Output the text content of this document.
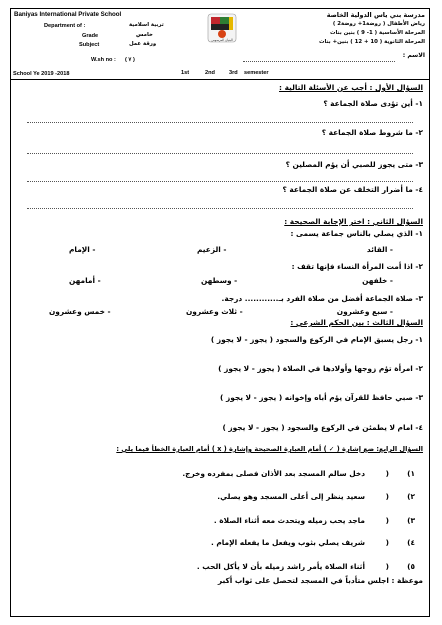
Baniyas International Private School
Department of :	تربية اسلامية
Grade	خامس
Subject	ورقة عمل
W.sh no : ( ٧ )
البنيان المرصوص
مدرسة بني ياس الدولية الخاصة
رياض الأطفال ( روضة1+ روضة2 )
المرحلة الأساسية ( 1- 9 ) بنين بنات
المرحلة الثانوية ( 10 + 12 ) بنين+ بنات
الاسم :
School Ye 2019 -2018	1st	2nd	3rd semester
السؤال الأول : أجب عن الأسئلة التالية :
١- أين تؤدى صلاة الجماعة ؟
٢- ما شروط صلاة الجماعة ؟
٣- متى يجوز للصبي أن يؤم المصلين ؟
٤- ما أضرار التخلف عن صلاة الجماعة ؟
السؤال الثاني : اختر الإجابة الصحيحة :
١- الذي يصلي بالناس جماعة يسمى :
- القائد
- الزعيم
- الإمام
٢- اذا أمت المرأة النساء فإنها تقف :
- خلفهن
- وسطهن
- أمامهن
٣- صلاة الجماعة أفضل من صلاة الفرد بـ............ درجة.
- سبع وعشرون
- ثلاث وعشرون
- خمس وعشرون
السؤال الثالث : بين الحكم الشرعي :
١- رجل يسبق الإمام في الركوع والسجود ( يجوز - لا يجوز )
٢- امرأة تؤم زوجها وأولادها في الصلاة ( يجوز - لا يجوز )
٣- صبي حافظ للقرآن يؤم أباه وإخوانه ( يجوز - لا يجوز )
٤- امام لا يطمئن في الركوع والسجود ( يجوز - لا يجوز )
السؤال الرابع: ضع إشارة ( ✓ ) أمام العبارة الصحيحة وإشارة ( x ) أمام العبارة الخطأ فيما يلي :
١)
(
دخل سالم المسجد بعد الأذان فصلى بمفرده وخرج.
٢)
(
سعيد ينظر إلى أعلى المسجد وهو يصلي.
٣)
(
ماجد يحب زميله ويتحدث معه أثناء الصلاة .
٤)
(
شريف يصلي بثوب ويفعل ما يفعله الإمام .
٥)
(
أثناء الصلاة يأمر راشد زميله بأن لا يأكل الحب .
موعظة : اجلس متأدباً في المسجد لتحصل على ثواب أكبر
